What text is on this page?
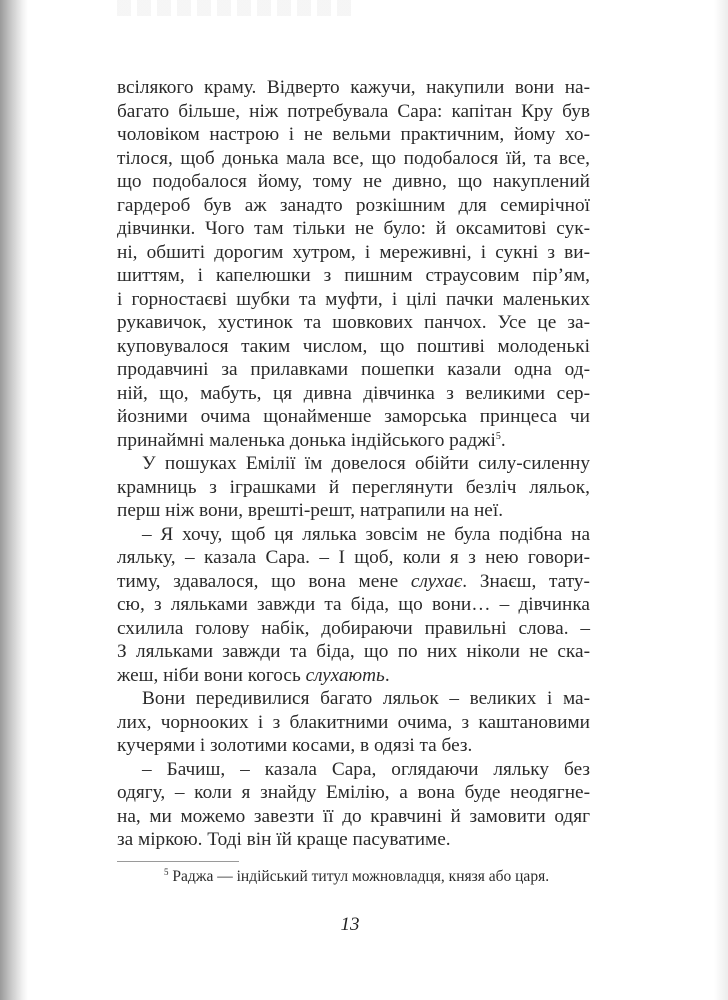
всілякого краму. Відверто кажучи, накупили вони на-
багато більше, ніж потребувала Сара: капітан Кру був
чоловіком настрою і не вельми практичним, йому хо-
тілося, щоб донька мала все, що подобалося їй, та все,
що подобалося йому, тому не дивно, що накуплений
гардероб був аж занадто розкішним для семирічної
дівчинки. Чого там тільки не було: й оксамитові сук-
ні, обшиті дорогим хутром, і мереживні, і сукні з ви-
шиттям, і капелюшки з пишним страусовим пір’ям,
і горностаєві шубки та муфти, і цілі пачки маленьких
рукавичок, хустинок та шовкових панчох. Усе це за-
куповувалося таким числом, що поштиві молоденькі
продавчині за прилавками пошепки казали одна од-
ній, що, мабуть, ця дивна дівчинка з великими сер-
йозними очима щонайменше заморська принцеса чи
принаймні маленька донька індійського раджі$^5$.
У пошуках Емілії їм довелося обійти силу-силенну
крамниць з іграшками й переглянути безліч ляльок,
перш ніж вони, врешті-решт, натрапили на неї.
– Я хочу, щоб ця лялька зовсім не була подібна на
ляльку, – казала Сара. – І щоб, коли я з нею говори-
тиму, здавалося, що вона мене слухає. Знаєш, тату-
сю, з ляльками завжди та біда, що вони… – дівчинка
схилила голову набік, добираючи правильні слова. –
З ляльками завжди та біда, що по них ніколи не ска-
жеш, ніби вони когось слухають.
Вони передивилися багато ляльок – великих і ма-
лих, чорнооких і з блакитними очима, з каштановими
кучерями і золотими косами, в одязі та без.
– Бачиш, – казала Сара, оглядаючи ляльку без
одягу, – коли я знайду Емілію, а вона буде неодягне-
на, ми можемо завезти її до кравчині й замовити одяг
за міркою. Тоді він їй краще пасуватиме.
$^5$ Раджа — індійський титул можновладця, князя або царя.
13
